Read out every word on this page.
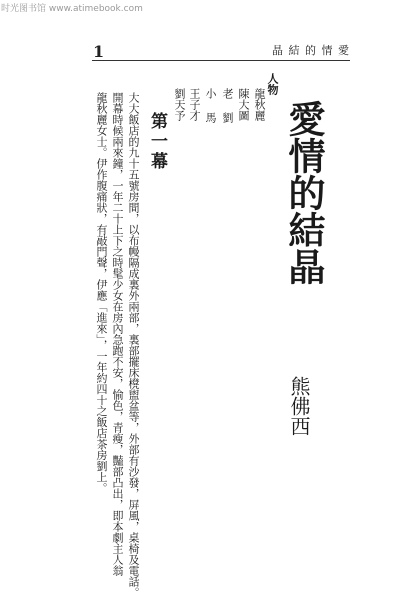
时光图书馆 www.atimebook.com
1	晶 結 的 情 愛
愛情的結晶
熊佛西
人物
龍秋麗
陳大圖
老 劉
小 馬
王子才
劉天予
第一幕
大大飯店的九十五號房間，以布幔隔成裏外兩部，裏部擺床櫈盥盆等，外部有沙發，屏風，桌椅及電話。
開幕時候兩來鐘，一年二十上下之時髦少女在房內急跑不安，愉色，青瘦，豔部凸出，即本劇主人翁
龍秋麗女士。伊作腹痛狀，有敲門聲，伊應「進來」，一年約四十之飯店茶房劉上。
